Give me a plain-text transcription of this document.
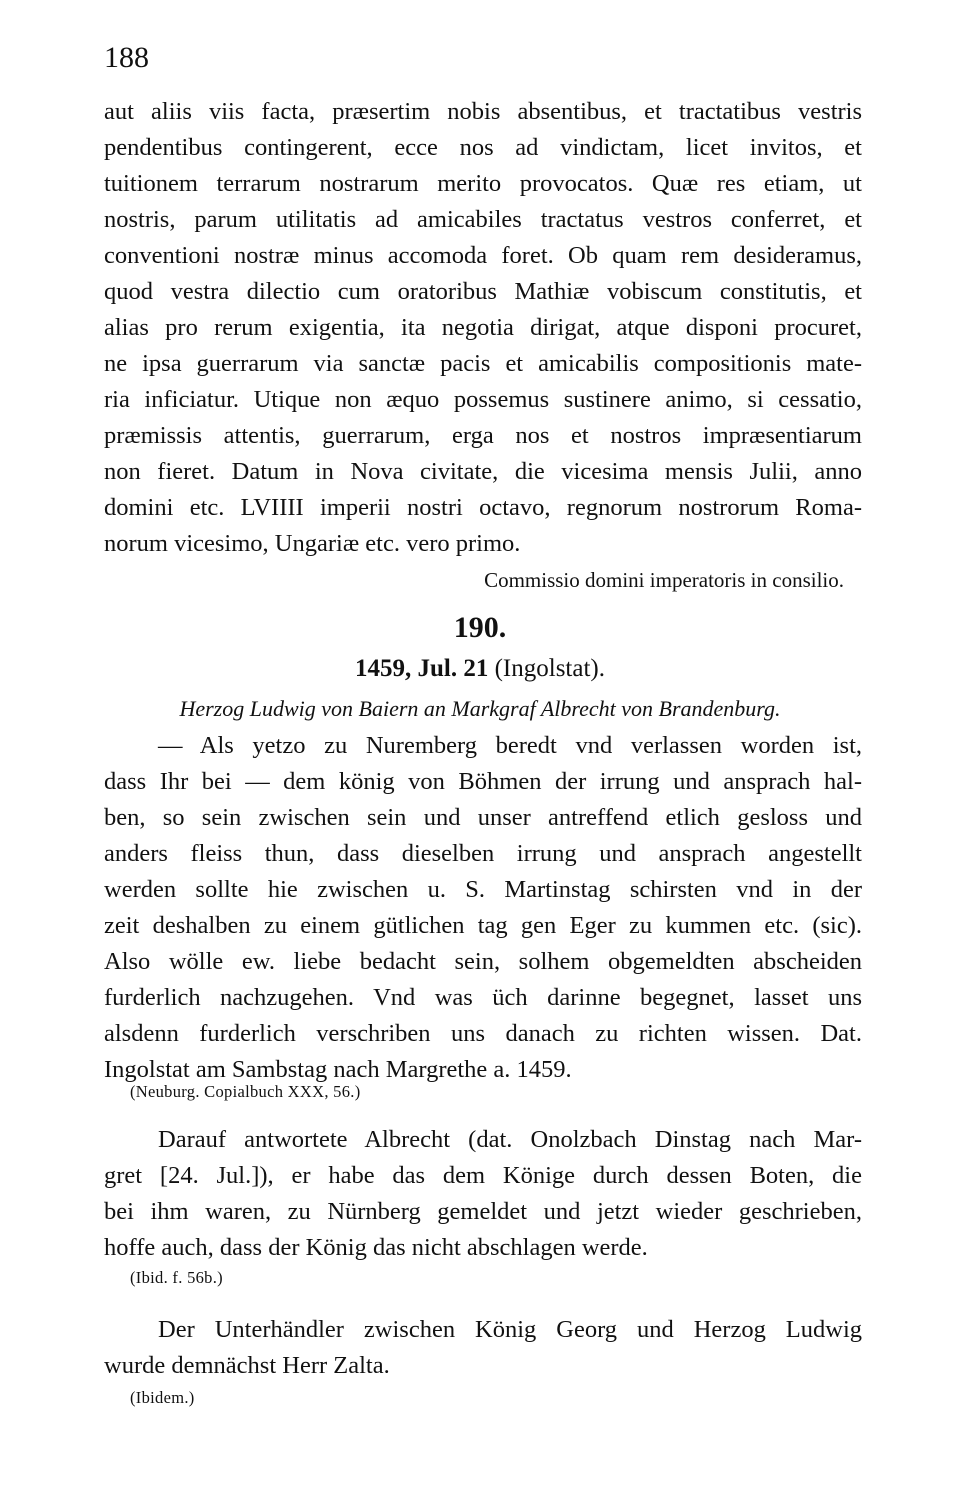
188
aut aliis viis facta, præsertim nobis absentibus, et tractatibus vestris
pendentibus contingerent, ecce nos ad vindictam, licet invitos, et
tuitionem terrarum nostrarum merito provocatos. Quæ res etiam, ut
nostris, parum utilitatis ad amicabiles tractatus vestros conferret, et
conventioni nostræ minus accomoda foret. Ob quam rem desideramus,
quod vestra dilectio cum oratoribus Mathiæ vobiscum constitutis, et
alias pro rerum exigentia, ita negotia dirigat, atque disponi procuret,
ne ipsa guerrarum via sanctæ pacis et amicabilis compositionis mate-
ria inficiatur. Utique non æquo possemus sustinere animo, si cessatio,
præmissis attentis, guerrarum, erga nos et nostros impræsentiarum
non fieret. Datum in Nova civitate, die vicesima mensis Julii, anno
domini etc. LVIIII imperii nostri octavo, regnorum nostrorum Roma-
norum vicesimo, Ungariæ etc. vero primo.
Commissio domini imperatoris in consilio.
190.
1459, Jul. 21 (Ingolstat).
Herzog Ludwig von Baiern an Markgraf Albrecht von Brandenburg.
— Als yetzo zu Nuremberg beredt vnd verlassen worden ist,
dass Ihr bei — dem könig von Böhmen der irrung und ansprach hal-
ben, so sein zwischen sein und unser antreffend etlich gesloss und
anders fleiss thun, dass dieselben irrung und ansprach angestellt
werden sollte hie zwischen u. S. Martinstag schirsten vnd in der
zeit deshalben zu einem gütlichen tag gen Eger zu kummen etc. (sic).
Also wölle ew. liebe bedacht sein, solhem obgemeldten abscheiden
furderlich nachzugehen. Vnd was üch darinne begegnet, lasset uns
alsdenn furderlich verschriben uns danach zu richten wissen. Dat.
Ingolstat am Sambstag nach Margrethe a. 1459.
(Neuburg. Copialbuch XXX, 56.)
Darauf antwortete Albrecht (dat. Onolzbach Dinstag nach Mar-
gret [24. Jul.]), er habe das dem Könige durch dessen Boten, die
bei ihm waren, zu Nürnberg gemeldet und jetzt wieder geschrieben,
hoffe auch, dass der König das nicht abschlagen werde.
(Ibid. f. 56b.)
Der Unterhändler zwischen König Georg und Herzog Ludwig
wurde demnächst Herr Zalta.
(Ibidem.)
